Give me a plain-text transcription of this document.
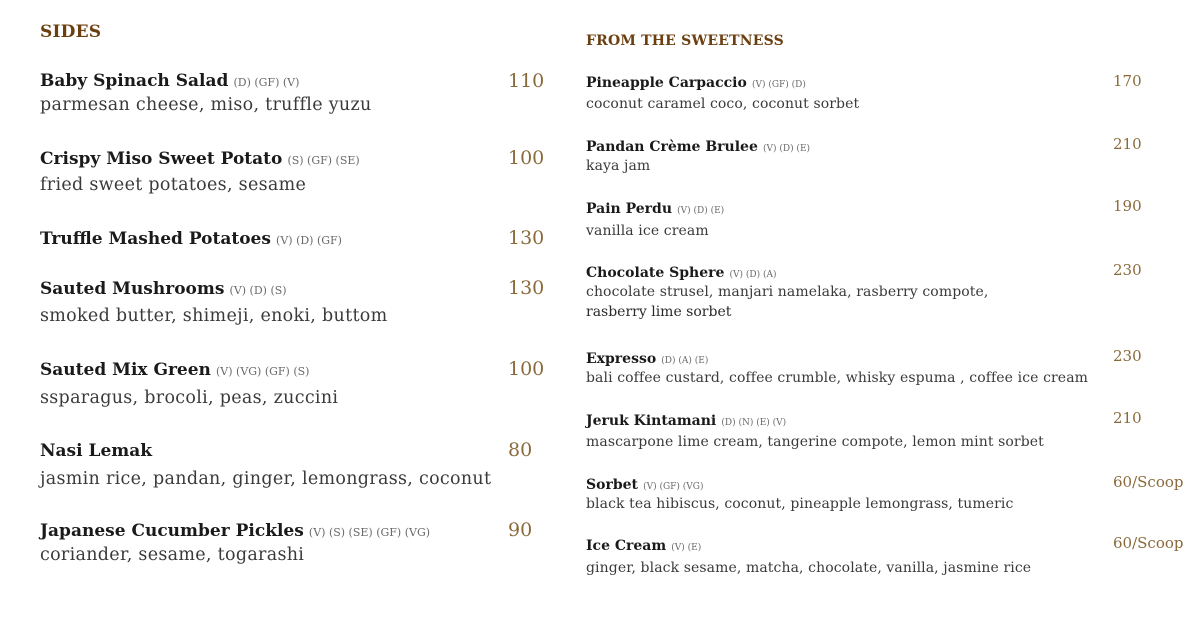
SIDES
Baby Spinach Salad (D) (GF) (V)
parmesan cheese, miso, truffle yuzu
110
Crispy Miso Sweet Potato (S) (GF) (SE)
fried sweet potatoes, sesame
100
Truffle Mashed Potatoes (V) (D) (GF)	130
Sauted Mushrooms (V) (D) (S)
smoked butter, shimeji, enoki, buttom
130
Sauted Mix Green (V) (VG) (GF) (S)
ssparagus, brocoli, peas, zuccini
100
Nasi Lemak
jasmin rice, pandan, ginger, lemongrass, coconut
80
Japanese Cucumber Pickles (V) (S) (SE) (GF) (VG)
coriander, sesame, togarashi
90
FROM THE SWEETNESS
Pineapple Carpaccio (V) (GF) (D)
coconut caramel coco, coconut sorbet
170
Pandan Crème Brulee (V) (D) (E)
kaya jam
210
Pain Perdu (V) (D) (E)
vanilla ice cream
190
Chocolate Sphere (V) (D) (A)
chocolate strusel, manjari namelaka, rasberry compote,
rasberry lime sorbet
230
Expresso (D) (A) (E)
bali coffee custard, coffee crumble, whisky espuma , coffee ice cream
230
Jeruk Kintamani (D) (N) (E) (V)
mascarpone lime cream, tangerine compote, lemon mint sorbet
210
Sorbet (V) (GF) (VG)
black tea hibiscus, coconut, pineapple lemongrass, tumeric
60/Scoop
Ice Cream (V) (E)
ginger, black sesame, matcha, chocolate, vanilla, jasmine rice
60/Scoop
